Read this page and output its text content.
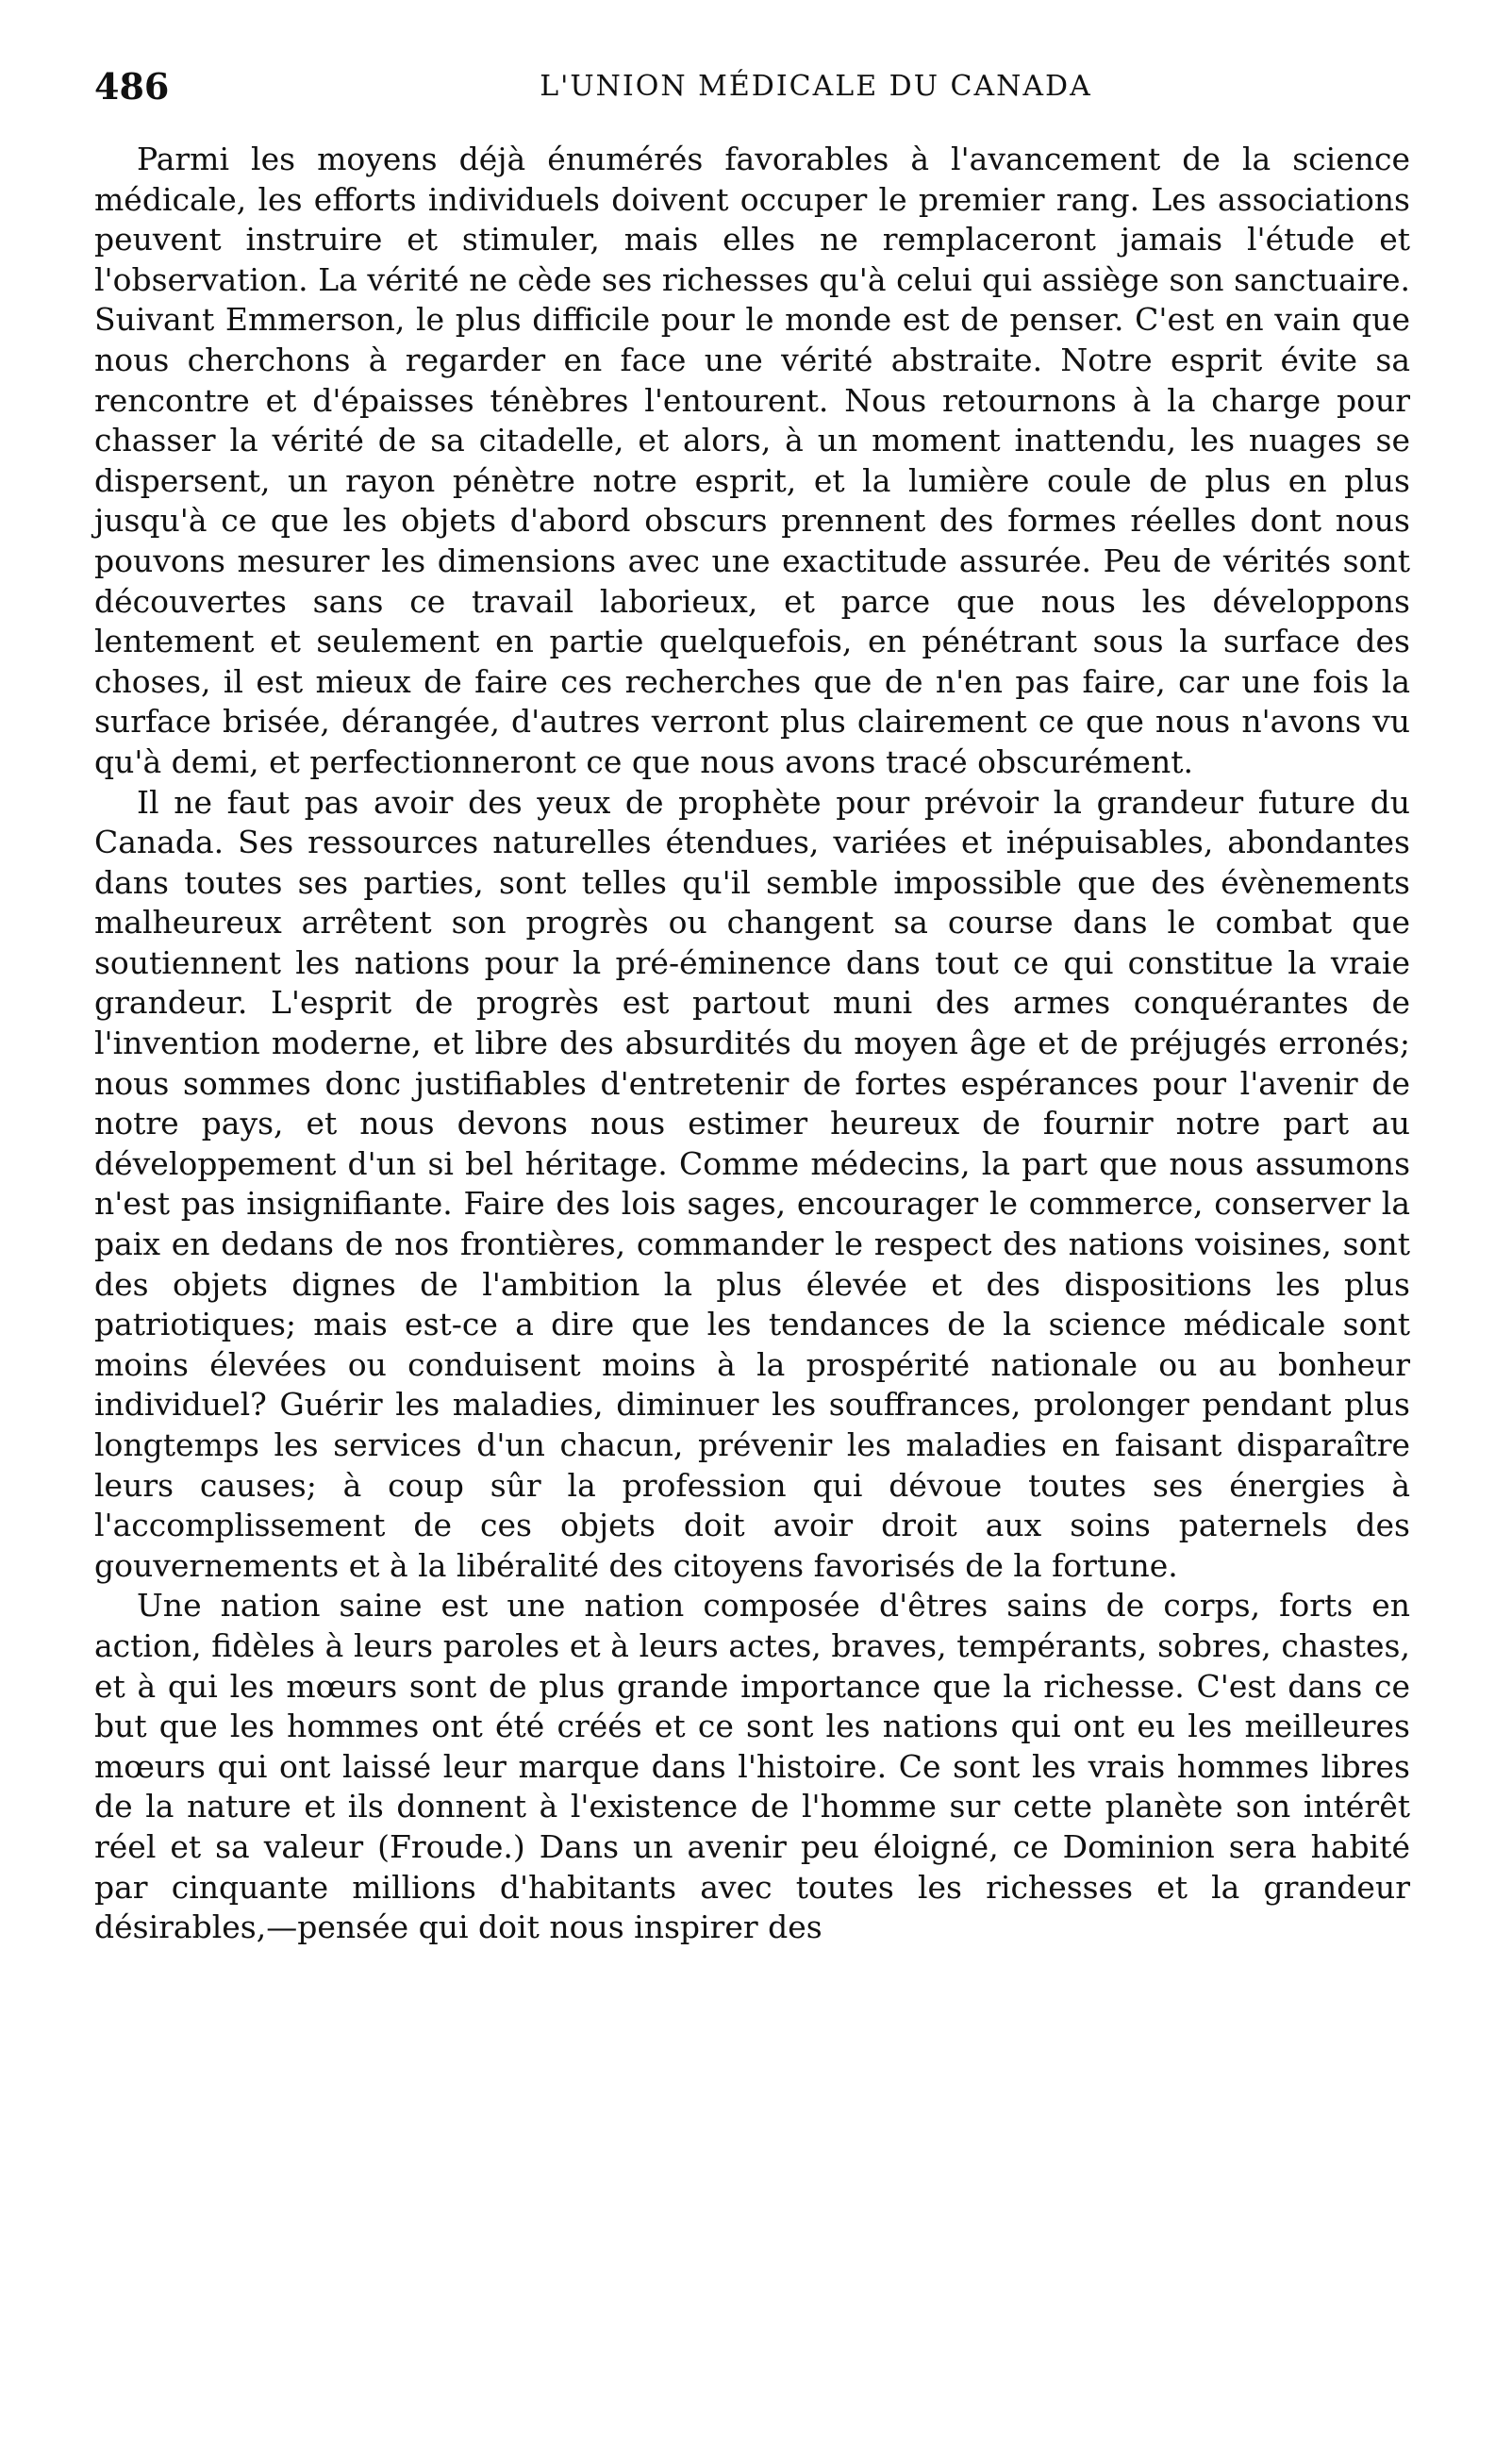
486	L'UNION MÉDICALE DU CANADA

Parmi les moyens déjà énumérés favorables à l'avancement de la science médicale, les efforts individuels doivent occuper le premier rang. Les associations peuvent instruire et stimuler, mais elles ne remplaceront jamais l'étude et l'observation. La vérité ne cède ses richesses qu'à celui qui assiège son sanctuaire. Suivant Emmerson, le plus difficile pour le monde est de penser. C'est en vain que nous cherchons à regarder en face une vérité abstraite. Notre esprit évite sa rencontre et d'épaisses ténèbres l'entourent. Nous retournons à la charge pour chasser la vérité de sa citadelle, et alors, à un moment inattendu, les nuages se dispersent, un rayon pénètre notre esprit, et la lumière coule de plus en plus jusqu'à ce que les objets d'abord obscurs prennent des formes réelles dont nous pouvons mesurer les dimensions avec une exactitude assurée. Peu de vérités sont découvertes sans ce travail laborieux, et parce que nous les développons lentement et seulement en partie quelquefois, en pénétrant sous la surface des choses, il est mieux de faire ces recherches que de n'en pas faire, car une fois la surface brisée, dérangée, d'autres verront plus clairement ce que nous n'avons vu qu'à demi, et perfectionneront ce que nous avons tracé obscurément.

Il ne faut pas avoir des yeux de prophète pour prévoir la grandeur future du Canada. Ses ressources naturelles étendues, variées et inépuisables, abondantes dans toutes ses parties, sont telles qu'il semble impossible que des évènements malheureux arrêtent son progrès ou changent sa course dans le combat que soutiennent les nations pour la pré-éminence dans tout ce qui constitue la vraie grandeur. L'esprit de progrès est partout muni des armes conquérantes de l'invention moderne, et libre des absurdités du moyen âge et de préjugés erronés; nous sommes donc justifiables d'entretenir de fortes espérances pour l'avenir de notre pays, et nous devons nous estimer heureux de fournir notre part au développement d'un si bel héritage. Comme médecins, la part que nous assumons n'est pas insignifiante. Faire des lois sages, encourager le commerce, conserver la paix en dedans de nos frontières, commander le respect des nations voisines, sont des objets dignes de l'ambition la plus élevée et des dispositions les plus patriotiques; mais est-ce a dire que les tendances de la science médicale sont moins élevées ou conduisent moins à la prospérité nationale ou au bonheur individuel? Guérir les maladies, diminuer les souffrances, prolonger pendant plus longtemps les services d'un chacun, prévenir les maladies en faisant disparaître leurs causes; à coup sûr la profession qui dévoue toutes ses énergies à l'accomplissement de ces objets doit avoir droit aux soins paternels des gouvernements et à la libéralité des citoyens favorisés de la fortune.

Une nation saine est une nation composée d'êtres sains de corps, forts en action, fidèles à leurs paroles et à leurs actes, braves, tempérants, sobres, chastes, et à qui les mœurs sont de plus grande importance que la richesse. C'est dans ce but que les hommes ont été créés et ce sont les nations qui ont eu les meilleures mœurs qui ont laissé leur marque dans l'histoire. Ce sont les vrais hommes libres de la nature et ils donnent à l'existence de l'homme sur cette planète son intérêt réel et sa valeur (Froude.) Dans un avenir peu éloigné, ce Dominion sera habité par cinquante millions d'habitants avec toutes les richesses et la grandeur désirables,—pensée qui doit nous inspirer des
